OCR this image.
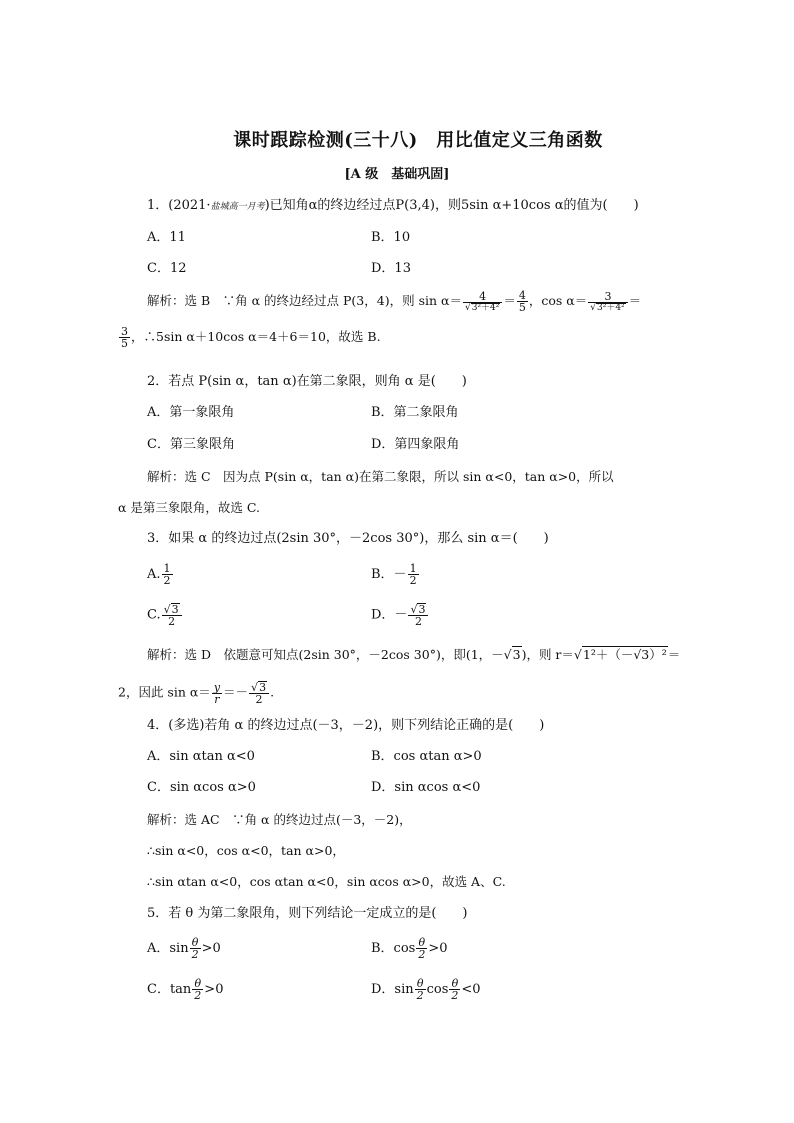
课时跟踪检测(三十八)　用比值定义三角函数
[A 级　基础巩固]
1．(2021·盐城高一月考)已知角α的终边经过点P(3,4)，则5sin α+10cos α的值为(　　)
A．11	B．10
C．12	D．13
解析：选 B　∵角 α 的终边经过点 P(3，4)，则 $\sin \alpha= \frac{4}{\text{√3²＋4²}} = \frac{4}{5}$ ，$\cos \alpha= \frac{3}{\text{√3²＋4²}}$ ＝
$\frac{3}{5}$ ，∴5sin α＋10cos α＝4＋6＝10，故选 B.
2．若点 P(sin α，tan α)在第二象限，则角 α 是(　　)
A．第一象限角	B．第二象限角
C．第三象限角	D．第四象限角
解析：选 C　因为点 P(sin α，tan α)在第二象限，所以 sin α<0，tan α>0，所以
α 是第三象限角，故选 C.
3．如果 α 的终边过点(2sin 30°，－2cos 30°)，那么 sin α＝(　　)
A. $\frac{1}{2}$	B．－ $\frac{1}{2}$
C. $\frac{√3}{2}$	D．－ $\frac{√3}{2}$
解析：选 D　依题意可知点(2sin 30°，－2cos 30°)，即(1，－√3)，则 r＝√1²＋（－√3）²＝
2，因此 $\sin \alpha= \frac{y}{r} =- \frac{√3}{2}$ .
4．(多选)若角 α 的终边过点(－3，－2)，则下列结论正确的是(　　)
A．sin αtan α<0	B．cos αtan α>0
C．sin αcos α>0	D．sin αcos α<0
解析：选 AC　∵角 α 的终边过点(－3，－2)，
∴sin α<0，cos α<0，tan α>0，
∴sin αtan α<0，cos αtan α<0，sin αcos α>0，故选 A、C.
5．若 θ 为第二象限角，则下列结论一定成立的是(　　)
A．$\sin \frac{\theta}{2} >0$	B．$\cos \frac{\theta}{2} >0$
C．$\tan \frac{\theta}{2} >0$	D．$\sin \frac{\theta}{2}$ $\cos \frac{\theta}{2} <0$
